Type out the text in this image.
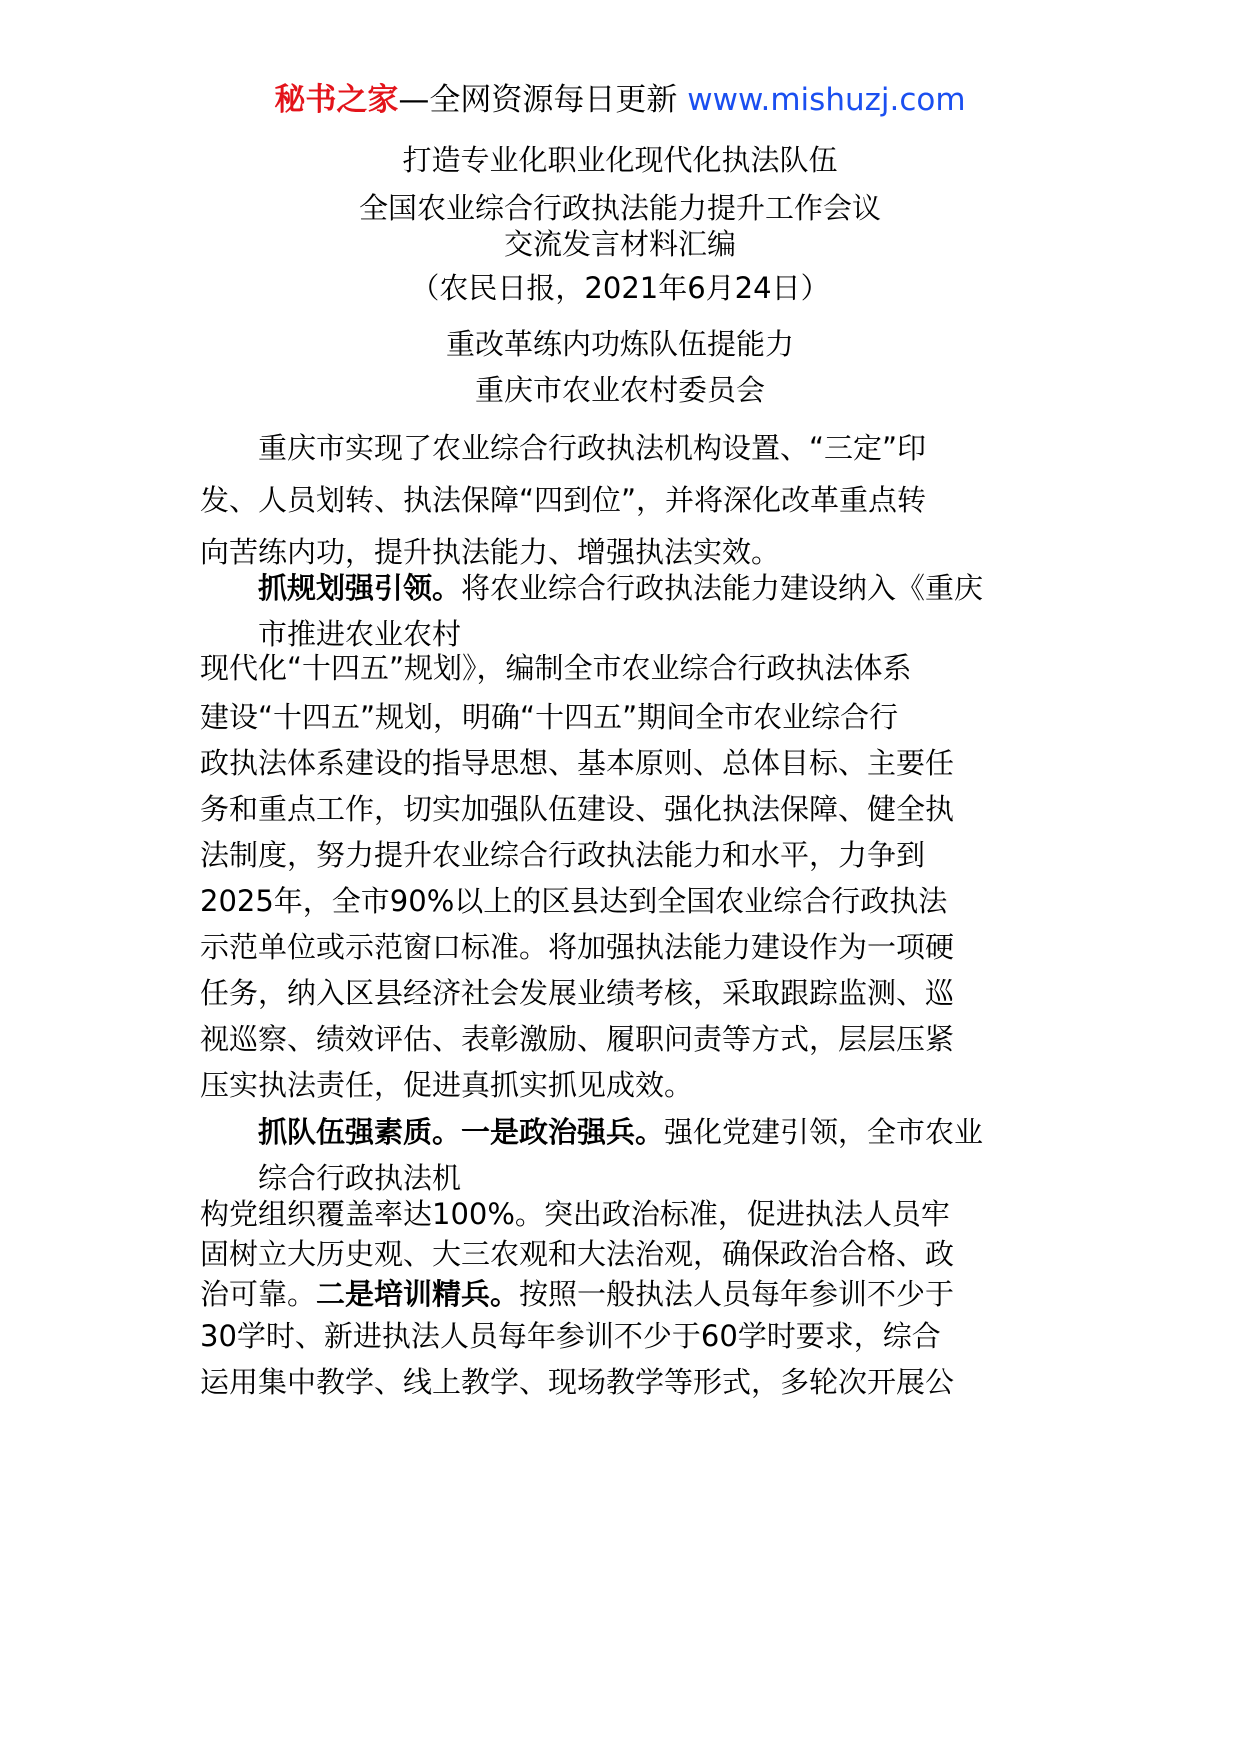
秘书之家—全网资源每日更新 www.mishuzj.com
打造专业化职业化现代化执法队伍
全国农业综合行政执法能力提升工作会议
交流发言材料汇编
（农民日报，2021年6月24日）
重改革练内功炼队伍提能力
重庆市农业农村委员会
重庆市实现了农业综合行政执法机构设置、“三定”印
发、人员划转、执法保障“四到位”，并将深化改革重点转
向苦练内功，提升执法能力、增强执法实效。
抓规划强引领。将农业综合行政执法能力建设纳入《重庆
市推进农业农村
现代化“十四五”规划》，编制全市农业综合行政执法体系
建设“十四五”规划，明确“十四五”期间全市农业综合行
政执法体系建设的指导思想、基本原则、总体目标、主要任
务和重点工作，切实加强队伍建设、强化执法保障、健全执
法制度，努力提升农业综合行政执法能力和水平，力争到
2025年，全市90%以上的区县达到全国农业综合行政执法
示范单位或示范窗口标准。将加强执法能力建设作为一项硬
任务，纳入区县经济社会发展业绩考核，采取跟踪监测、巡
视巡察、绩效评估、表彰激励、履职问责等方式，层层压紧
压实执法责任，促进真抓实抓见成效。
抓队伍强素质。一是政治强兵。强化党建引领，全市农业
综合行政执法机
构党组织覆盖率达100%。突出政治标准，促进执法人员牢
固树立大历史观、大三农观和大法治观，确保政治合格、政
治可靠。二是培训精兵。按照一般执法人员每年参训不少于
30学时、新进执法人员每年参训不少于60学时要求，综合
运用集中教学、线上教学、现场教学等形式，多轮次开展公
